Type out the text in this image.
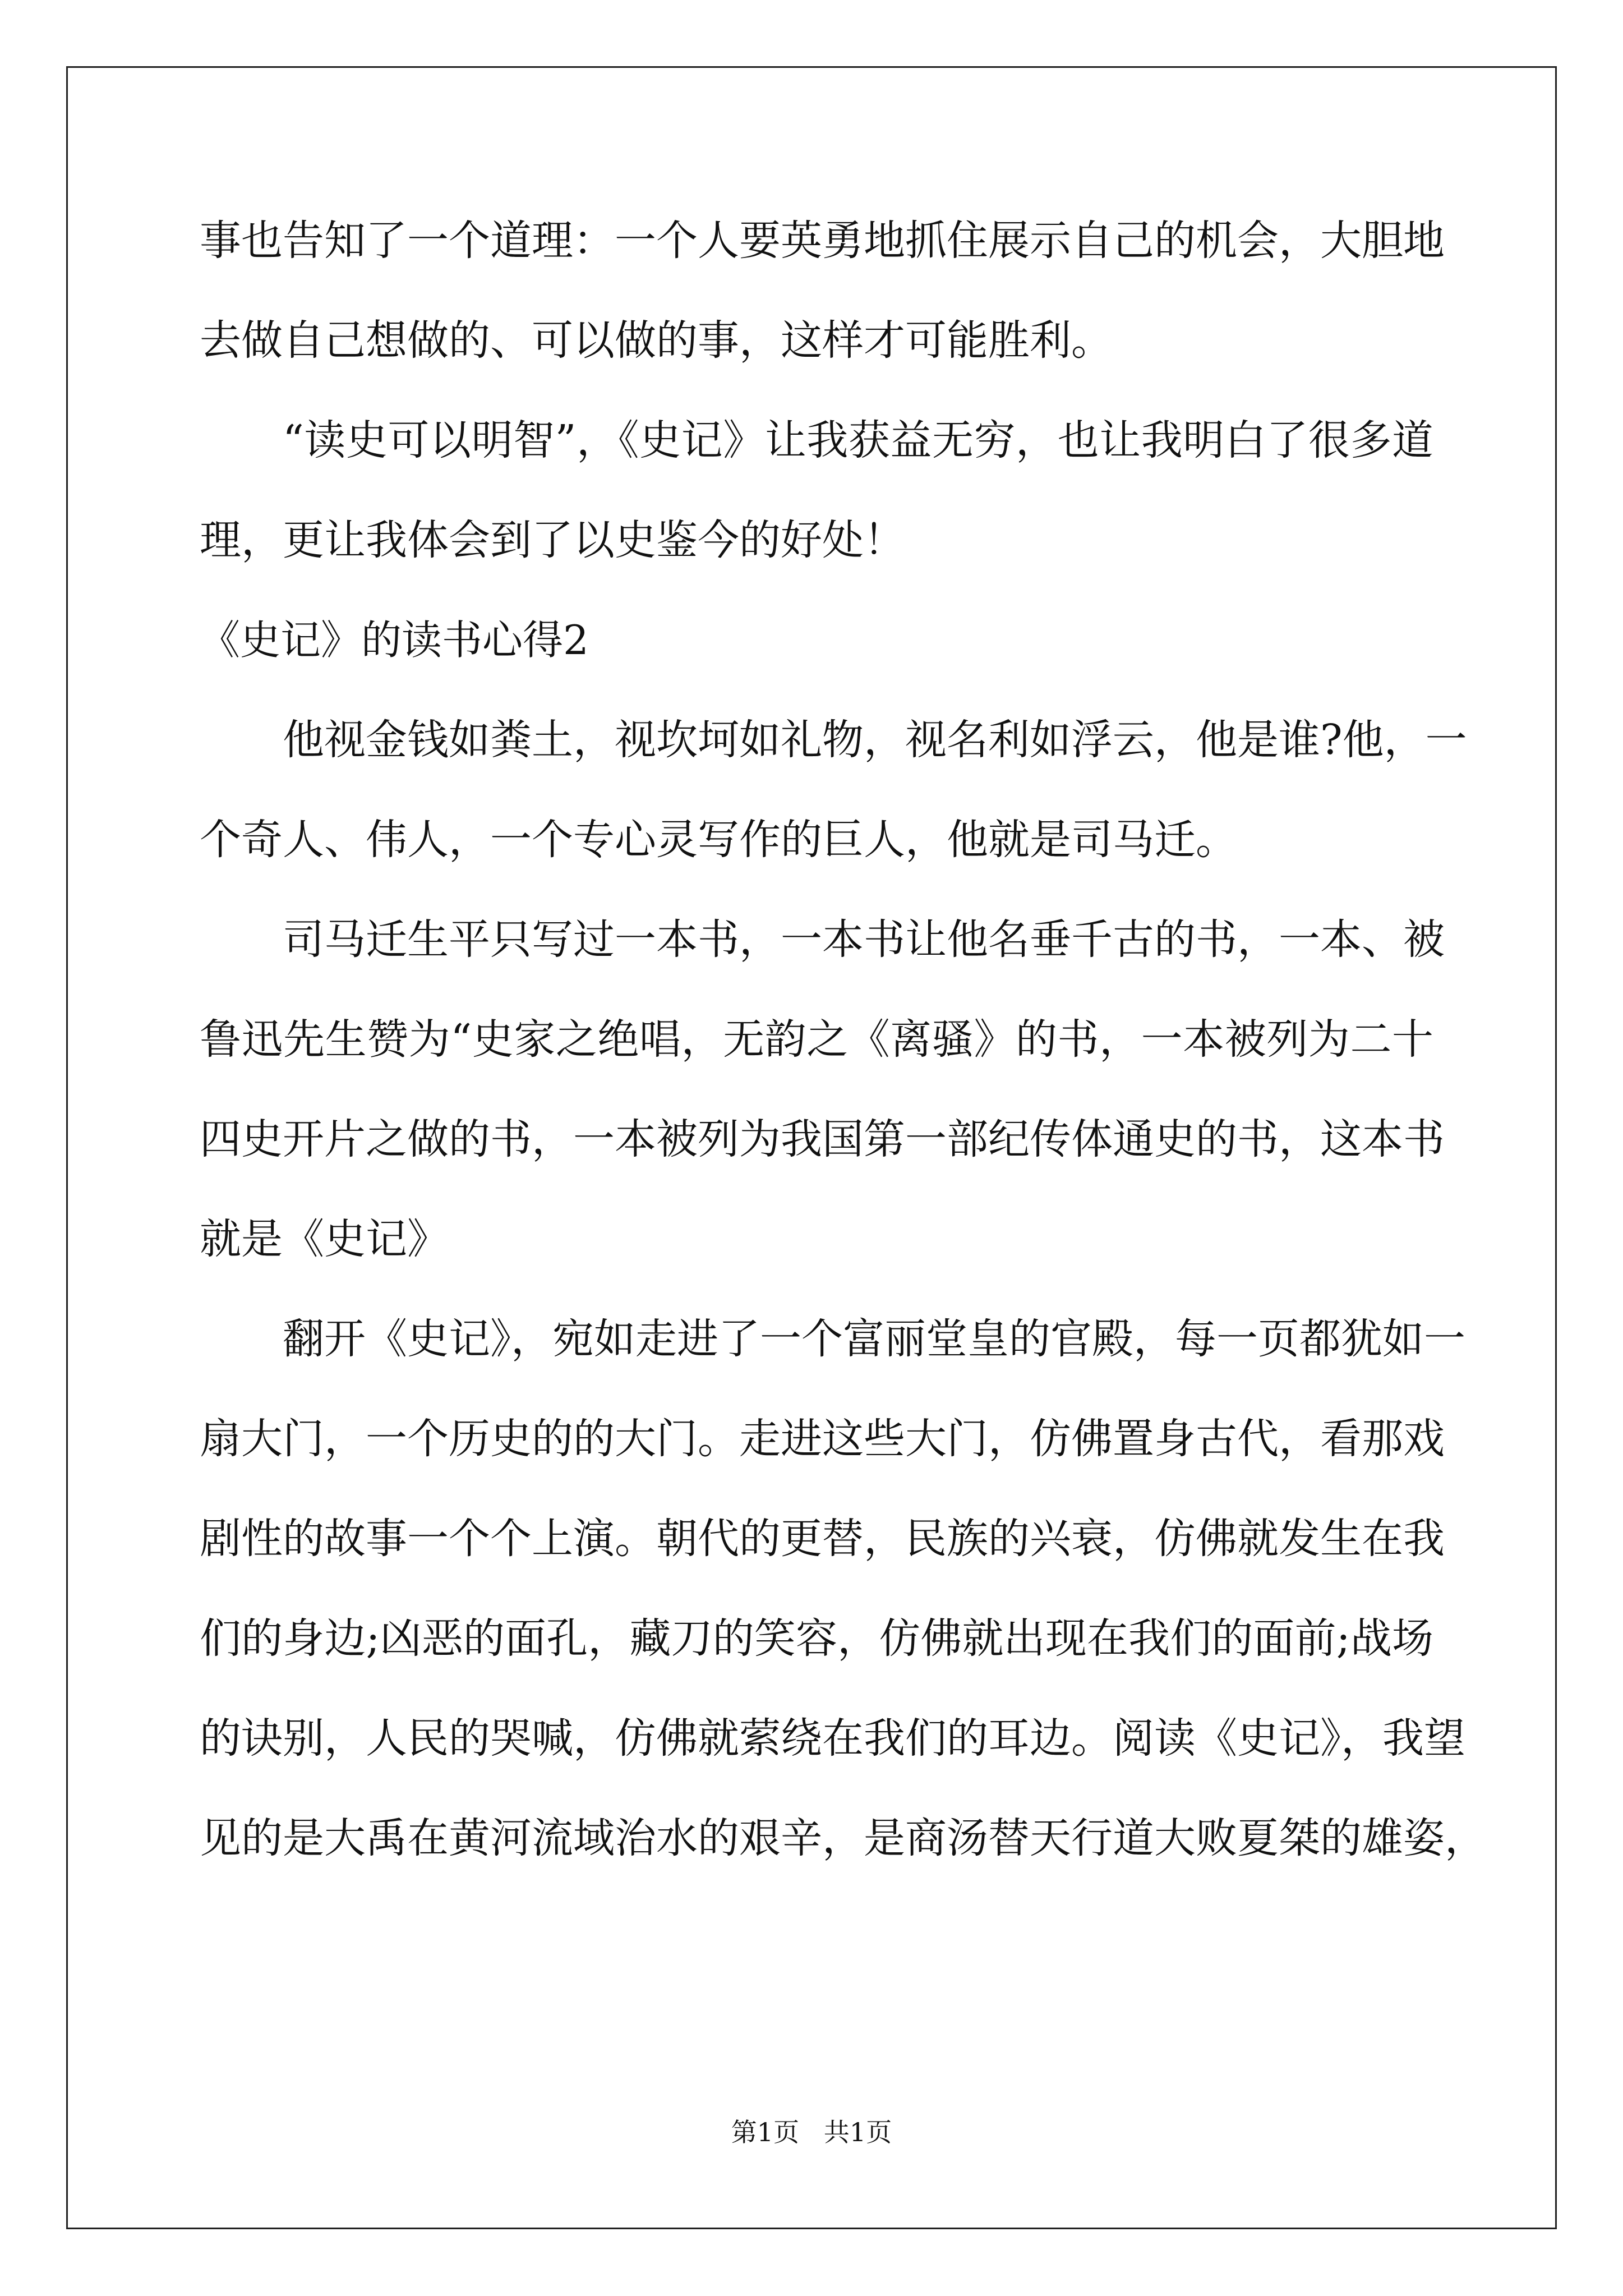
事也告知了一个道理：一个人要英勇地抓住展示自己的机会，大胆地
去做自己想做的、可以做的事，这样才可能胜利。
“读史可以明智”，《史记》让我获益无穷，也让我明白了很多道
理，更让我体会到了以史鉴今的好处！
《史记》的读书心得2
他视金钱如粪土，视坎坷如礼物，视名利如浮云，他是谁?他，一
个奇人、伟人，一个专心灵写作的巨人，他就是司马迁。
司马迁生平只写过一本书，一本书让他名垂千古的书，一本、被
鲁迅先生赞为“史家之绝唱，无韵之《离骚》的书，一本被列为二十
四史开片之做的书，一本被列为我国第一部纪传体通史的书，这本书
就是《史记》
翻开《史记》，宛如走进了一个富丽堂皇的官殿，每一页都犹如一
扇大门，一个历史的的大门。走进这些大门，仿佛置身古代，看那戏
剧性的故事一个个上演。朝代的更替，民族的兴衰，仿佛就发生在我
们的身边;凶恶的面孔，藏刀的笑容，仿佛就出现在我们的面前;战场
的诀别，人民的哭喊，仿佛就萦绕在我们的耳边。阅读《史记》，我望
见的是大禹在黄河流域治水的艰辛，是商汤替天行道大败夏桀的雄姿，
第1页   共1页
